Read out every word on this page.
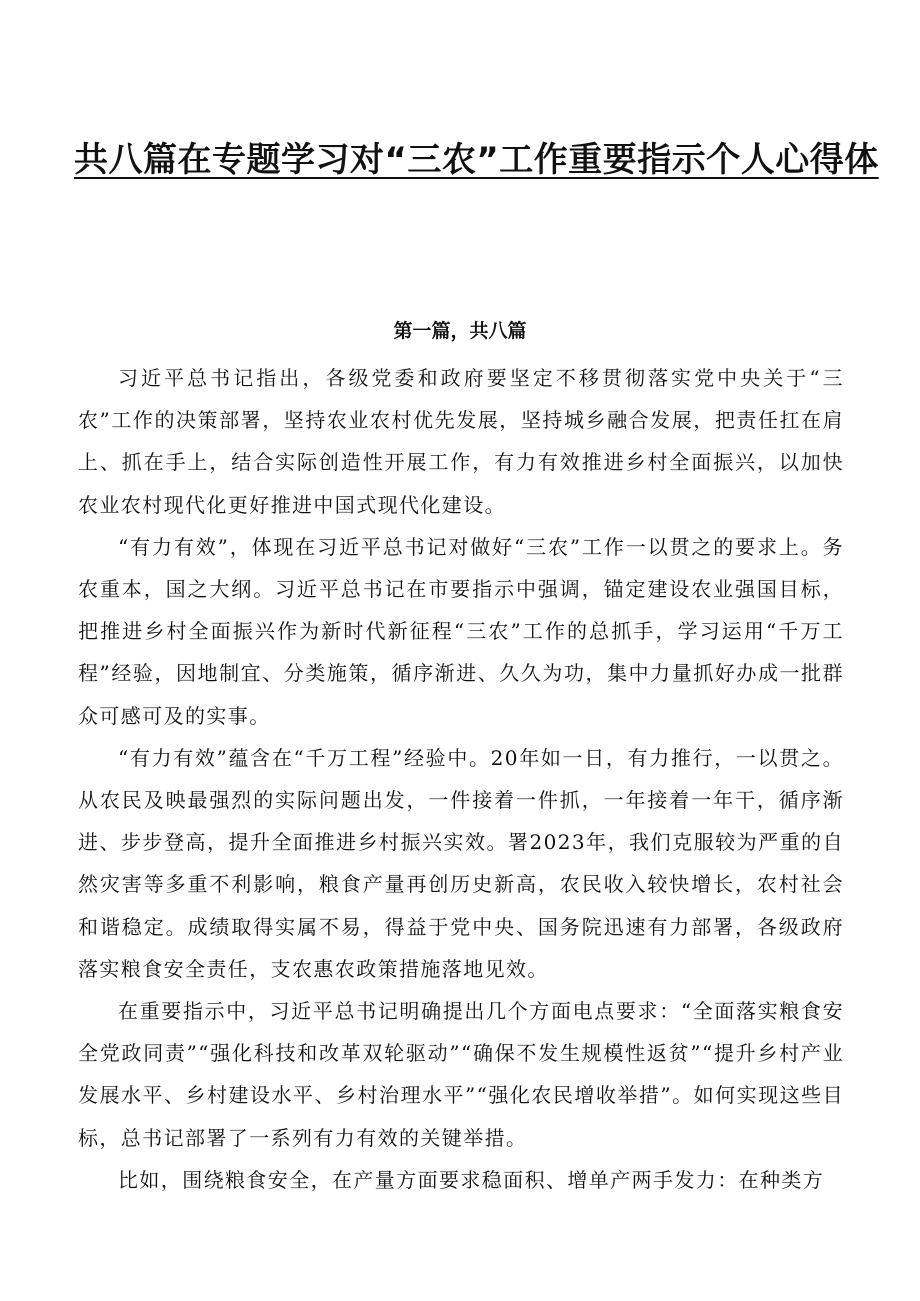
共八篇在专题学习对“三农”工作重要指示个人心得体
第一篇，共八篇

习近平总书记指出，各级党委和政府要坚定不移贯彻落实党中央关于“三农”工作的决策部署，坚持农业农村优先发展，坚持城乡融合发展，把责任扛在肩上、抓在手上，结合实际创造性开展工作，有力有效推进乡村全面振兴，以加快农业农村现代化更好推进中国式现代化建设。

“有力有效”，体现在习近平总书记对做好“三农”工作一以贯之的要求上。务农重本，国之大纲。习近平总书记在市要指示中强调，锚定建设农业强国目标，把推进乡村全面振兴作为新时代新征程“三农”工作的总抓手，学习运用“千万工程”经验，因地制宜、分类施策，循序渐进、久久为功，集中力量抓好办成一批群众可感可及的实事。

“有力有效”蕴含在“千万工程”经验中。20年如一日，有力推行，一以贯之。从农民及映最强烈的实际问题出发，一件接着一件抓，一年接着一年干，循序渐进、步步登高，提升全面推进乡村振兴实效。署2023年，我们克服较为严重的自然灾害等多重不利影响，粮食产量再创历史新高，农民收入较快增长，农村社会和谐稳定。成绩取得实属不易，得益于党中央、国务院迅速有力部署，各级政府落实粮食安全责任，支农惠农政策措施落地见效。

在重要指示中，习近平总书记明确提出几个方面电点要求：“全面落实粮食安全党政同责”“强化科技和改革双轮驱动”“确保不发生规模性返贫”“提升乡村产业发展水平、乡村建设水平、乡村治理水平”“强化农民增收举措”。如何实现这些目标，总书记部署了一系列有力有效的关键举措。

比如，围绕粮食安全，在产量方面要求稳面积、增单产两手发力：在种类方
